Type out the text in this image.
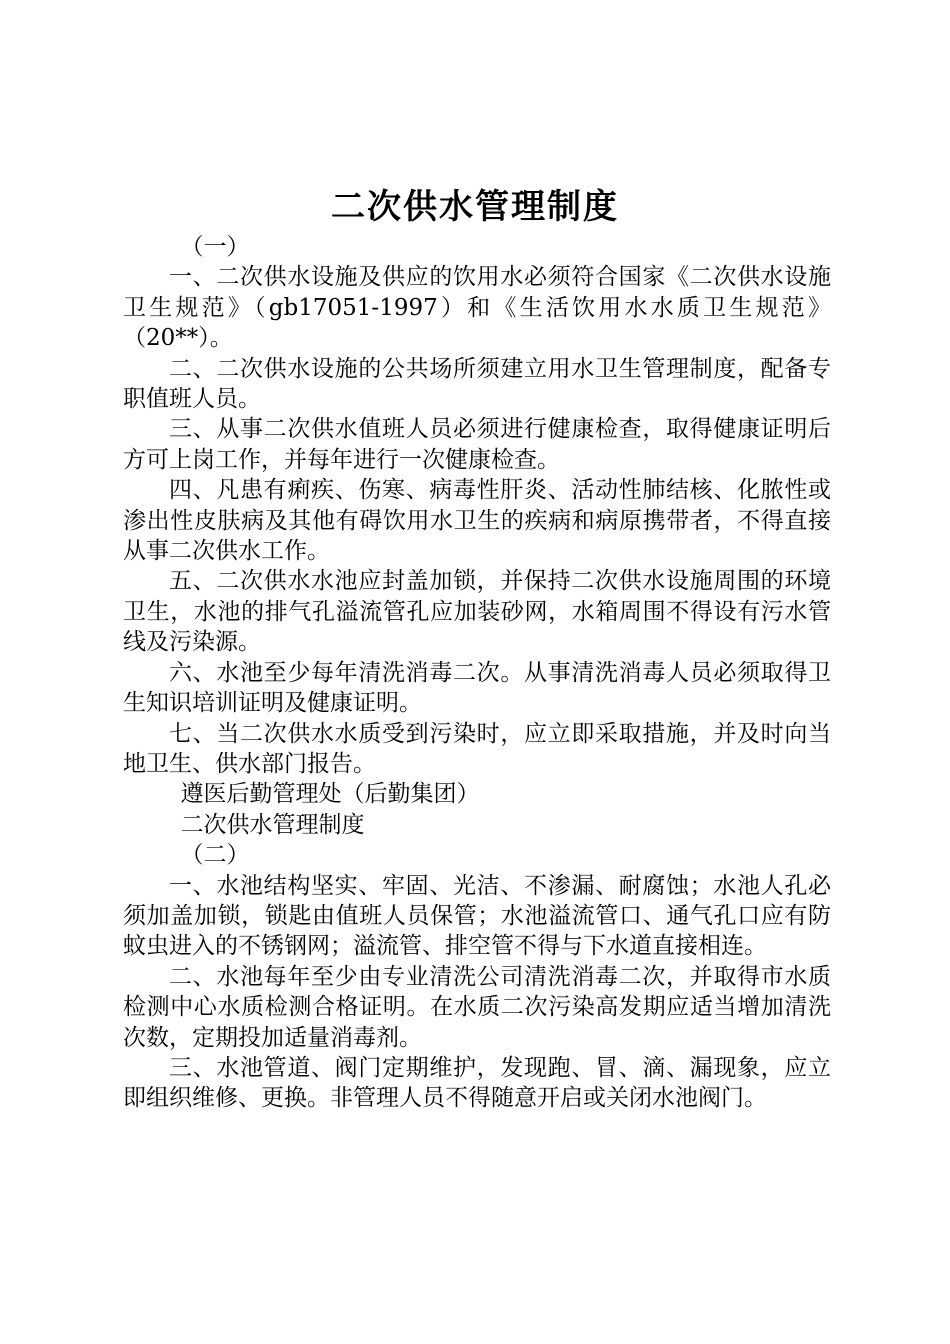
二次供水管理制度

（一）

一、二次供水设施及供应的饮用水必须符合国家《二次供水设施卫生规范》（gb17051-1997）和《生活饮用水水质卫生规范》（20**）。

二、二次供水设施的公共场所须建立用水卫生管理制度，配备专职值班人员。

三、从事二次供水值班人员必须进行健康检查，取得健康证明后方可上岗工作，并每年进行一次健康检查。

四、凡患有痢疾、伤寒、病毒性肝炎、活动性肺结核、化脓性或渗出性皮肤病及其他有碍饮用水卫生的疾病和病原携带者，不得直接从事二次供水工作。

五、二次供水水池应封盖加锁，并保持二次供水设施周围的环境卫生，水池的排气孔溢流管孔应加装砂网，水箱周围不得设有污水管线及污染源。

六、水池至少每年清洗消毒二次。从事清洗消毒人员必须取得卫生知识培训证明及健康证明。

七、当二次供水水质受到污染时，应立即采取措施，并及时向当地卫生、供水部门报告。

遵医后勤管理处（后勤集团）

二次供水管理制度

（二）

一、水池结构坚实、牢固、光洁、不渗漏、耐腐蚀；水池人孔必须加盖加锁，锁匙由值班人员保管；水池溢流管口、通气孔口应有防蚊虫进入的不锈钢网；溢流管、排空管不得与下水道直接相连。

二、水池每年至少由专业清洗公司清洗消毒二次，并取得市水质检测中心水质检测合格证明。在水质二次污染高发期应适当增加清洗次数，定期投加适量消毒剂。

三、水池管道、阀门定期维护，发现跑、冒、滴、漏现象，应立即组织维修、更换。非管理人员不得随意开启或关闭水池阀门。
